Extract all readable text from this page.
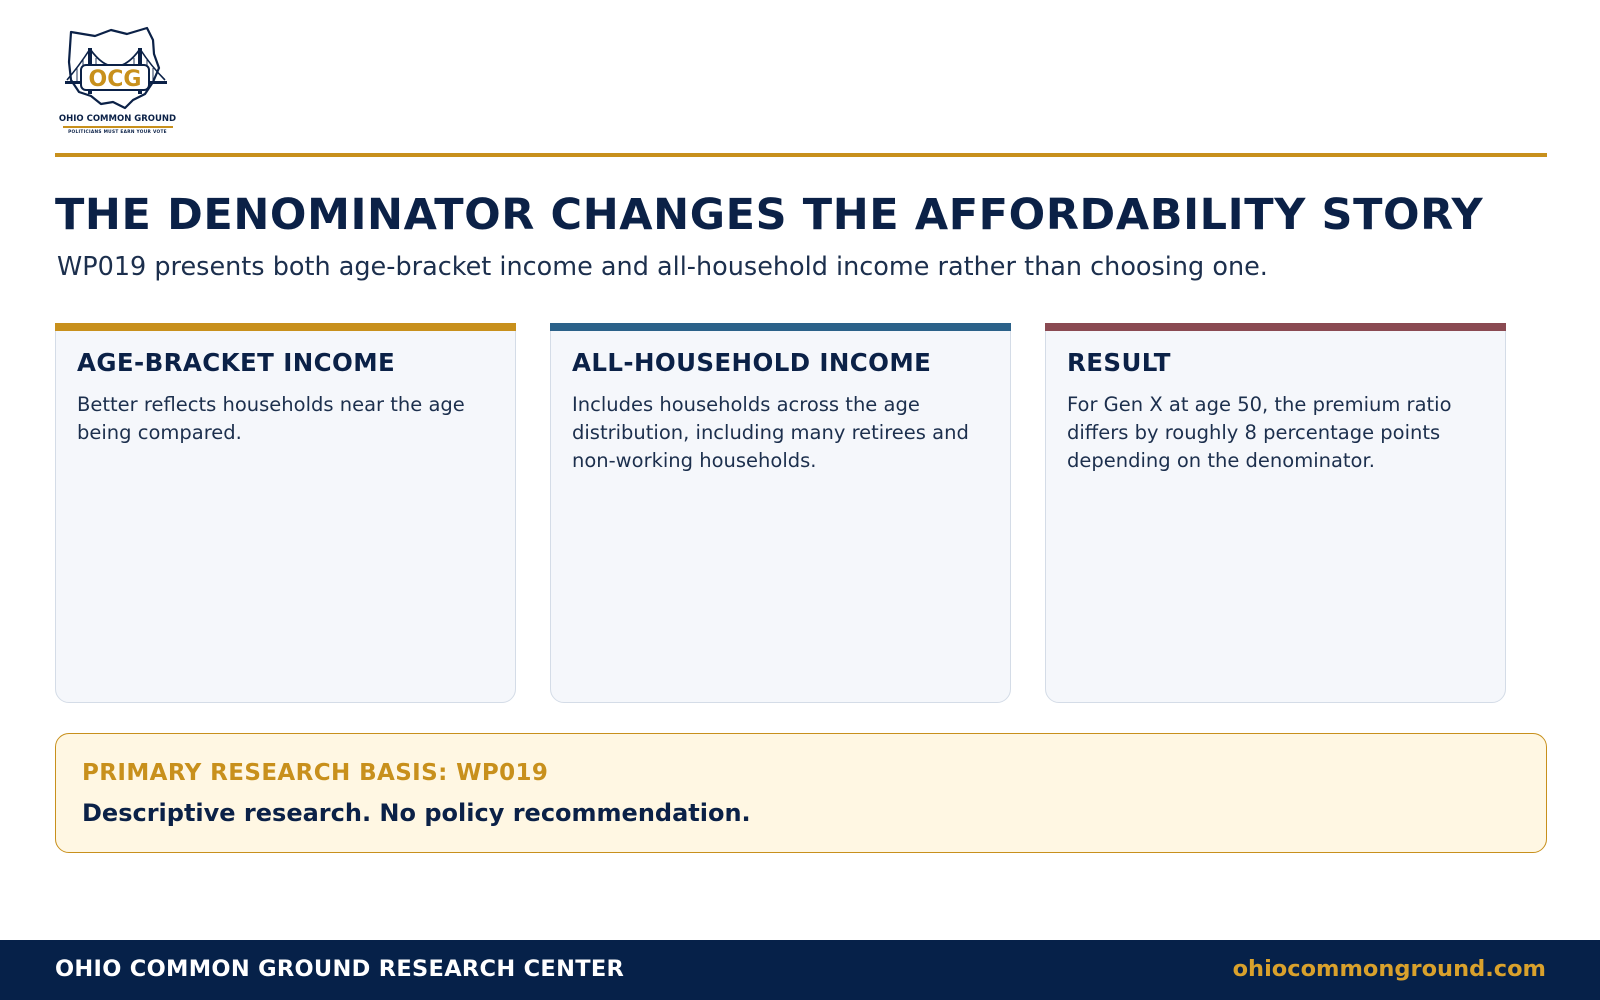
OCG
OHIO COMMON GROUND
POLITICIANS MUST EARN YOUR VOTE
THE DENOMINATOR CHANGES THE AFFORDABILITY STORY

WP019 presents both age-bracket income and all-household income rather than choosing one.

AGE-BRACKET INCOME
Better reflects households near the age being compared.
ALL-HOUSEHOLD INCOME
Includes households across the age distribution, including many retirees and non-working households.
RESULT
For Gen X at age 50, the premium ratio differs by roughly 8 percentage points depending on the denominator.
PRIMARY RESEARCH BASIS: WP019
Descriptive research. No policy recommendation.
OHIO COMMON GROUND RESEARCH CENTER	ohiocommonground.com
